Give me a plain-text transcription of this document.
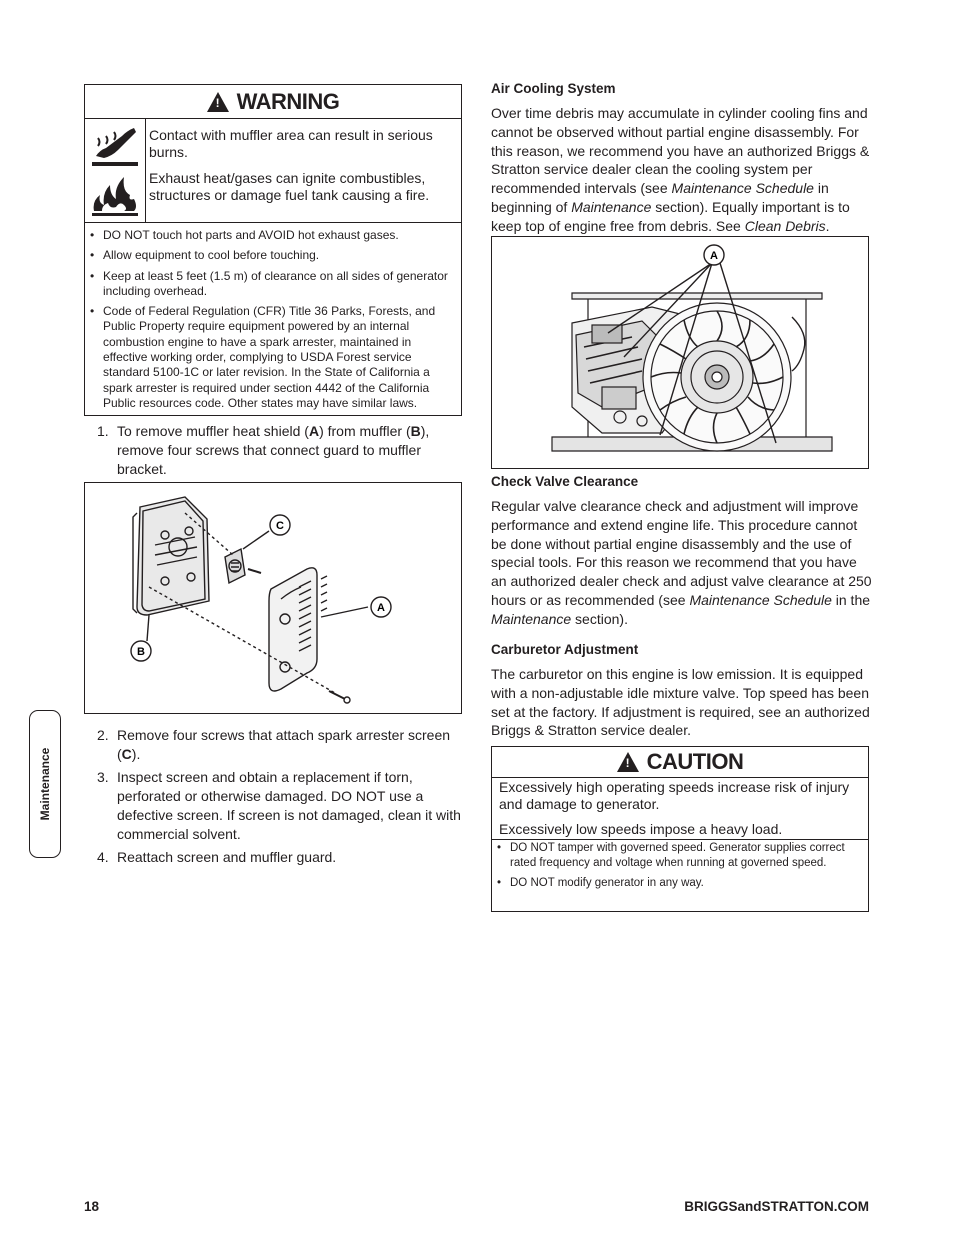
! WARNING

Contact with muffler area can result in serious burns.

Exhaust heat/gases can ignite combustibles, structures or damage fuel tank causing a fire.

• DO NOT touch hot parts and AVOID hot exhaust gases.
• Allow equipment to cool before touching.
• Keep at least 5 feet (1.5 m) of clearance on all sides of generator including overhead.
• Code of Federal Regulation (CFR) Title 36 Parks, Forests, and Public Property require equipment powered by an internal combustion engine to have a spark arrester, maintained in effective working order, complying to USDA Forest service standard 5100-1C or later revision. In the State of California a spark arrester is required under section 4442 of the California Public resources code. Other states may have similar laws.
1. To remove muffler heat shield (A) from muffler (B), remove four screws that connect guard to muffler bracket.
C
A
B
2. Remove four screws that attach spark arrester screen (C).
3. Inspect screen and obtain a replacement if torn, perforated or otherwise damaged. DO NOT use a defective screen. If screen is not damaged, clean it with commercial solvent.
4. Reattach screen and muffler guard.
Air Cooling System
Over time debris may accumulate in cylinder cooling fins and cannot be observed without partial engine disassembly. For this reason, we recommend you have an authorized Briggs & Stratton service dealer clean the cooling system per recommended intervals (see Maintenance Schedule in beginning of Maintenance section). Equally important is to keep top of engine free from debris. See Clean Debris.
A
Check Valve Clearance
Regular valve clearance check and adjustment will improve performance and extend engine life. This procedure cannot be done without partial engine disassembly and the use of special tools. For this reason we recommend that you have an authorized dealer check and adjust valve clearance at 250 hours or as recommended (see Maintenance Schedule in the Maintenance section).
Carburetor Adjustment
The carburetor on this engine is low emission. It is equipped with a non-adjustable idle mixture valve. Top speed has been set at the factory. If adjustment is required, see an authorized Briggs & Stratton service dealer.
! CAUTION

Excessively high operating speeds increase risk of injury and damage to generator.

Excessively low speeds impose a heavy load.

• DO NOT tamper with governed speed. Generator supplies correct rated frequency and voltage when running at governed speed.
• DO NOT modify generator in any way.
Maintenance
18	BRIGGSandSTRATTON.COM
